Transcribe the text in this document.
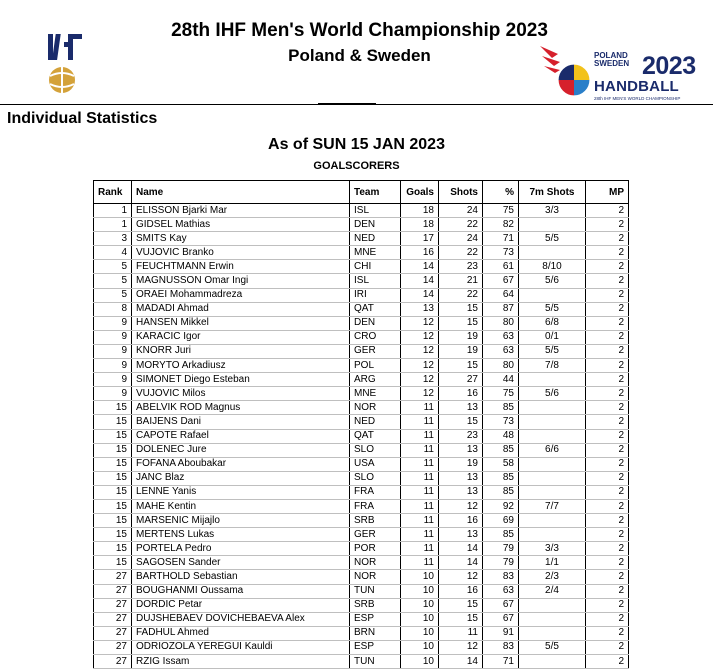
28th IHF Men's World Championship 2023
Poland & Sweden	POLAND
SWEDEN 2023
HANDBALL
28th IHF MEN'S WORLD CHAMPIONSHIP
Individual Statistics
As of SUN 15 JAN 2023
GOALSCORERS
Rank	Name	Team	Goals	Shots	%	7m Shots	MP
1	ELISSON Bjarki Mar	ISL	18	24	75	3/3	2
1	GIDSEL Mathias	DEN	18	22	82		2
3	SMITS Kay	NED	17	24	71	5/5	2
4	VUJOVIC Branko	MNE	16	22	73		2
5	FEUCHTMANN Erwin	CHI	14	23	61	8/10	2
5	MAGNUSSON Omar Ingi	ISL	14	21	67	5/6	2
5	ORAEI Mohammadreza	IRI	14	22	64		2
8	MADADI Ahmad	QAT	13	15	87	5/5	2
9	HANSEN Mikkel	DEN	12	15	80	6/8	2
9	KARACIC Igor	CRO	12	19	63	0/1	2
9	KNORR Juri	GER	12	19	63	5/5	2
9	MORYTO Arkadiusz	POL	12	15	80	7/8	2
9	SIMONET Diego Esteban	ARG	12	27	44		2
9	VUJOVIC Milos	MNE	12	16	75	5/6	2
15	ABELVIK ROD Magnus	NOR	11	13	85		2
15	BAIJENS Dani	NED	11	15	73		2
15	CAPOTE Rafael	QAT	11	23	48		2
15	DOLENEC Jure	SLO	11	13	85	6/6	2
15	FOFANA Aboubakar	USA	11	19	58		2
15	JANC Blaz	SLO	11	13	85		2
15	LENNE Yanis	FRA	11	13	85		2
15	MAHE Kentin	FRA	11	12	92	7/7	2
15	MARSENIC Mijajlo	SRB	11	16	69		2
15	MERTENS Lukas	GER	11	13	85		2
15	PORTELA Pedro	POR	11	14	79	3/3	2
15	SAGOSEN Sander	NOR	11	14	79	1/1	2
27	BARTHOLD Sebastian	NOR	10	12	83	2/3	2
27	BOUGHANMI Oussama	TUN	10	16	63	2/4	2
27	DORDIC Petar	SRB	10	15	67		2
27	DUJSHEBAEV DOVICHEBAEVA Alex	ESP	10	15	67		2
27	FADHUL Ahmed	BRN	10	11	91		2
27	ODRIOZOLA YEREGUI Kauldi	ESP	10	12	83	5/5	2
27	RZIG Issam	TUN	10	14	71		2
